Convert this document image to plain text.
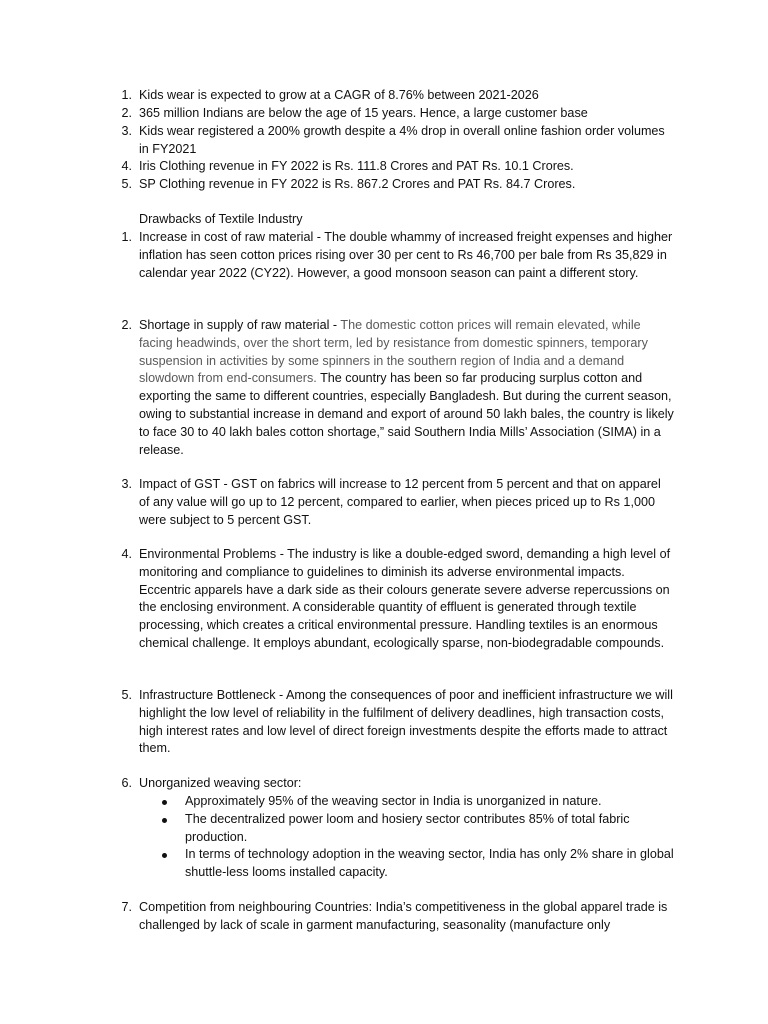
1. Kids wear is expected to grow at a CAGR of 8.76% between 2021-2026

2. 365 million Indians are below the age of 15 years. Hence, a large customer base

3. Kids wear registered a 200% growth despite a 4% drop in overall online fashion order volumes in FY2021

4. Iris Clothing revenue in FY 2022 is Rs. 111.8 Crores and PAT Rs. 10.1 Crores.

5. SP Clothing revenue in FY 2022 is Rs. 867.2 Crores and PAT Rs. 84.7 Crores.

Drawbacks of Textile Industry
1. Increase in cost of raw material - The double whammy of increased freight expenses and higher inflation has seen cotton prices rising over 30 per cent to Rs 46,700 per bale from Rs 35,829 in calendar year 2022 (CY22). However, a good monsoon season can paint a different story.

2. Shortage in supply of raw material - The domestic cotton prices will remain elevated, while facing headwinds, over the short term, led by resistance from domestic spinners, temporary suspension in activities by some spinners in the southern region of India and a demand slowdown from end-consumers. The country has been so far producing surplus cotton and exporting the same to different countries, especially Bangladesh. But during the current season, owing to substantial increase in demand and export of around 50 lakh bales, the country is likely to face 30 to 40 lakh bales cotton shortage,” said Southern India Mills’ Association (SIMA) in a release.

3. Impact of GST - GST on fabrics will increase to 12 percent from 5 percent and that on apparel of any value will go up to 12 percent, compared to earlier, when pieces priced up to Rs 1,000 were subject to 5 percent GST.

4. Environmental Problems - The industry is like a double-edged sword, demanding a high level of monitoring and compliance to guidelines to diminish its adverse environmental impacts. Eccentric apparels have a dark side as their colours generate severe adverse repercussions on the enclosing environment. A considerable quantity of effluent is generated through textile processing, which creates a critical environmental pressure. Handling textiles is an enormous chemical challenge. It employs abundant, ecologically sparse, non-biodegradable compounds.

5. Infrastructure Bottleneck - Among the consequences of poor and inefficient infrastructure we will highlight the low level of reliability in the fulfilment of delivery deadlines, high transaction costs, high interest rates and low level of direct foreign investments despite the efforts made to attract them.

6. Unorganized weaving sector:

Approximately 95% of the weaving sector in India is unorganized in nature.
The decentralized power loom and hosiery sector contributes 85% of total fabric production.
In terms of technology adoption in the weaving sector, India has only 2% share in global shuttle-less looms installed capacity.
7. Competition from neighbouring Countries: India’s competitiveness in the global apparel trade is challenged by lack of scale in garment manufacturing, seasonality (manufacture only
